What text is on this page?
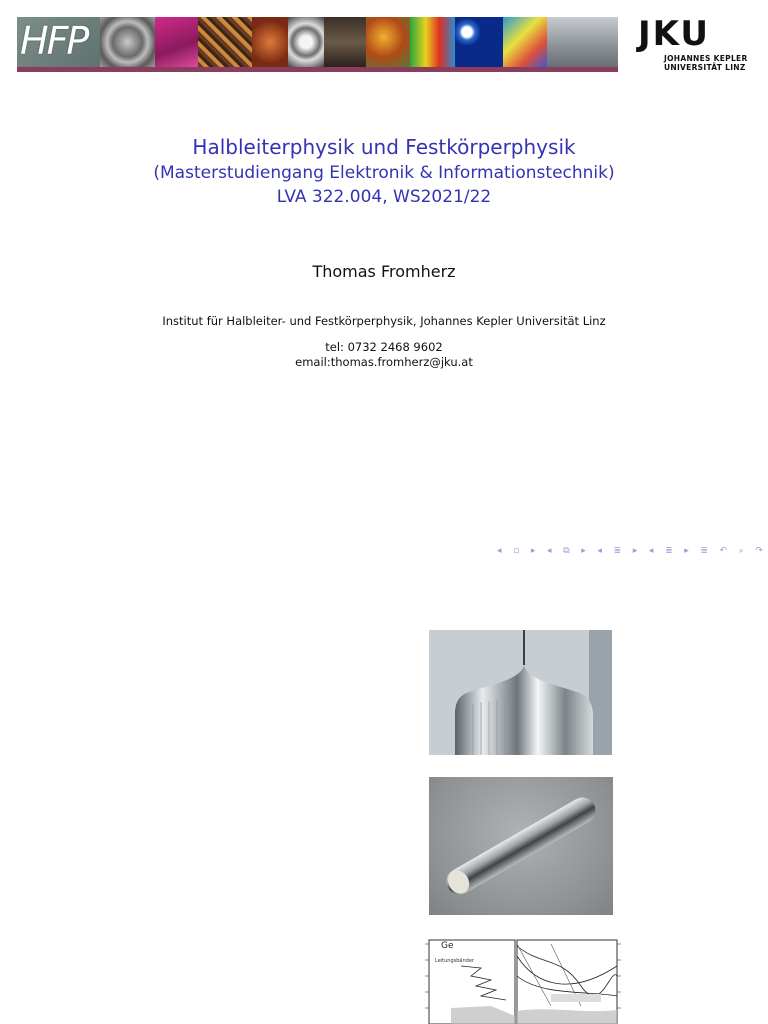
HFP	JKU
JOHANNES KEPLER
UNIVERSITÄT LINZ
Halbleiterphysik und Festkörperphysik
(Masterstudiengang Elektronik & Informationstechnik)
LVA 322.004, WS2021/22
Thomas Fromherz
Institut für Halbleiter- und Festkörperphysik, Johannes Kepler Universität Linz
tel: 0732 2468 9602
email:thomas.fromherz@jku.at
◂ ▫ ▸ ◂ ⧉ ▸ ◂ ≣ ▸ ◂ ≣ ▸ ≣ ↶ ⌕ ↷
Ge
Leitungsbänder
